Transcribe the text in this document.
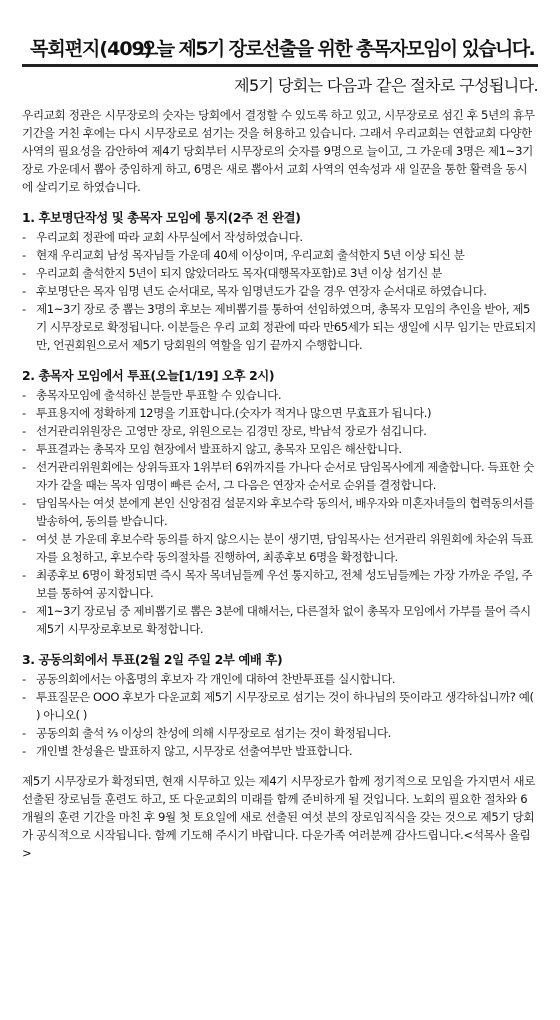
목회편지(409)
오늘 제5기 장로선출을 위한 총목자모임이 있습니다.
제5기 당회는 다음과 같은 절차로 구성됩니다.

우리교회 정관은 시무장로의 숫자는 당회에서 결정할 수 있도록 하고 있고, 시무장로로 섬긴 후 5년의 휴무기간을 거친 후에는 다시 시무장로로 섬기는 것을 허용하고 있습니다. 그래서 우리교회는 연합교회 다양한 사역의 필요성을 감안하여 제4기 당회부터 시무장로의 숫자를 9명으로 늘이고, 그 가운데 3명은 제1~3기 장로 가운데서 뽑아 중임하게 하고, 6명은 새로 뽑아서 교회 사역의 연속성과 새 일꾼을 통한 활력을 동시에 살리기로 하였습니다.

1. 후보명단작성 및 총목자 모임에 통지(2주 전 완결)
- 우리교회 정관에 따라 교회 사무실에서 작성하였습니다.
- 현재 우리교회 남성 목자님들 가운데 40세 이상이며, 우리교회 출석한지 5년 이상 되신 분
- 우리교회 출석한지 5년이 되지 않았더라도 목자(대행목자포함)로 3년 이상 섬기신 분
- 후보명단은 목자 임명 년도 순서대로, 목자 임명년도가 같을 경우 연장자 순서대로 하였습니다.
- 제1~3기 장로 중 뽑는 3명의 후보는 제비뽑기를 통하여 선임하였으며, 총목자 모임의 추인을 받아, 제5기 시무장로로 확정됩니다. 이분들은 우리 교회 정관에 따라 만65세가 되는 생일에 시무 임기는 만료되지만, 언권회원으로서 제5기 당회원의 역할을 임기 끝까지 수행합니다.
2. 총목자 모임에서 투표(오늘[1/19] 오후 2시)
- 총목자모임에 출석하신 분들만 투표할 수 있습니다.
- 투표용지에 정확하게 12명을 기표합니다.(숫자가 적거나 많으면 무효표가 됩니다.)
- 선거관리위원장은 고영만 장로, 위원으로는 김경민 장로, 박남석 장로가 섬깁니다.
- 투표결과는 총목자 모임 현장에서 발표하지 않고, 총목자 모임은 해산합니다.
- 선거관리위원회에는 상위득표자 1위부터 6위까지를 가나다 순서로 담임목사에게 제출합니다. 득표한 숫자가 같을 때는 목자 임명이 빠른 순서, 그 다음은 연장자 순서로 순위를 결정합니다.
- 담임목사는 여섯 분에게 본인 신앙점검 설문지와 후보수락 동의서, 배우자와 미혼자녀들의 협력동의서를 발송하여, 동의를 받습니다.
- 여섯 분 가운데 후보수락 동의를 하지 않으시는 분이 생기면, 담임목사는 선거관리 위원회에 차순위 득표자를 요청하고, 후보수락 동의절차를 진행하여, 최종후보 6명을 확정합니다.
- 최종후보 6명이 확정되면 즉시 목자 목녀님들께 우선 통지하고, 전체 성도님들께는 가장 가까운 주일, 주보를 통하여 공지합니다.
- 제1~3기 장로님 중 제비뽑기로 뽑은 3분에 대해서는, 다른절차 없이 총목자 모임에서 가부를 물어 즉시 제5기 시무장로후보로 확정합니다.
3. 공동의회에서 투표(2월 2일 주일 2부 예배 후)
- 공동의회에서는 아홉명의 후보자 각 개인에 대하여 찬반투표를 실시합니다.
- 투표질문은 OOO 후보가 다운교회 제5기 시무장로로 섬기는 것이 하나님의 뜻이라고 생각하십니까? 예( ) 아니오( )
- 공동의회 출석 ⅔ 이상의 찬성에 의해 시무장로로 섬기는 것이 확정됩니다.
- 개인별 찬성율은 발표하지 않고, 시무장로 선출여부만 발표합니다.

제5기 시무장로가 확정되면, 현재 시무하고 있는 제4기 시무장로가 함께 정기적으로 모임을 가지면서 새로 선출된 장로님들 훈련도 하고, 또 다운교회의 미래를 함께 준비하게 될 것입니다. 노회의 필요한 절차와 6개월의 훈련 기간을 마친 후 9월 첫 토요일에 새로 선출된 여섯 분의 장로임직식을 갖는 것으로 제5기 당회가 공식적으로 시작됩니다. 함께 기도해 주시기 바랍니다. 다운가족 여러분께 감사드립니다.<석목사 올림>
